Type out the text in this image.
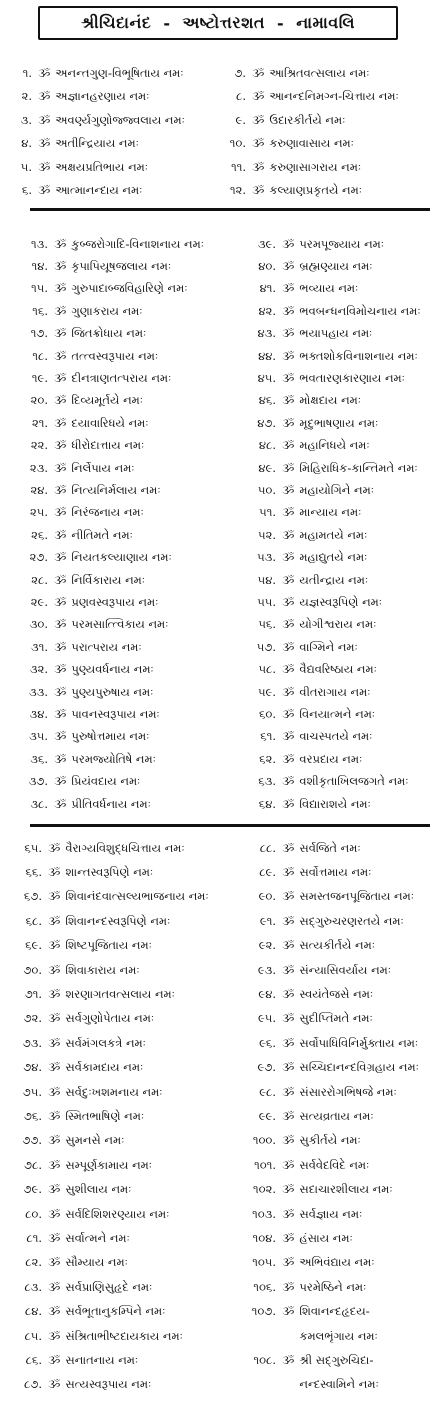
શ્રીચિદાનંદ - અષ્ટોત્તરશત - નામાવલિ
૧. ૐ અનન્તગુણ-વિભૂષિતાય નમઃ	૭. ૐ આશ્રિતવત્સલાય નમઃ
૨. ૐ અજ્ઞાનહરણાય નમઃ	૮. ૐ આનન્દનિમગ્ન-ચિત્તાય નમઃ
૩. ૐ અવર્ણ્યગુણોજ્જ્વલાય નમઃ	૯. ૐ ઉદારકીર્તયે નમઃ
૪. ૐ અતીન્દ્રિયાય નમઃ	૧૦. ૐ કરુણાવાસાય નમઃ
૫. ૐ અક્ષયપ્રતિભાય નમઃ	૧૧. ૐ કરુણાસાગરાય નમઃ
૬. ૐ આત્માનન્દાય નમઃ	૧૨. ૐ કલ્યાણપ્રકૃતયે નમઃ
૧૩. ૐ કુબ્જરોગાદિ-વિનાશનાય નમઃ	૩૯. ૐ પરમપૂજ્યાય નમઃ
૧૪. ૐ કૃપાપિયૂષજલાય નમઃ	૪૦. ૐ બ્રહ્મણ્યાય નમઃ
૧૫. ૐ ગુરુપાદાબ્જવિહારિણે નમઃ	૪૧. ૐ ભવ્યાય નમઃ
૧૬. ૐ ગુણાકરાય નમઃ	૪૨. ૐ ભવબન્ધનવિમોચનાય નમઃ
૧૭. ૐ જિતક્રોધાય નમઃ	૪૩. ૐ ભયાપહાય નમઃ
૧૮. ૐ તત્ત્વસ્વરૂપાય નમઃ	૪૪. ૐ ભક્તશોકવિનાશનાય નમઃ
૧૯. ૐ દીનત્રાણતત્પરાય નમઃ	૪૫. ૐ ભવતારણકારણાય નમઃ
૨૦. ૐ દિવ્યમૂર્તયે નમઃ	૪૬. ૐ મોક્ષદાય નમઃ
૨૧. ૐ દયાવારિધયે નમઃ	૪૭. ૐ મૃદુભાષણાય નમઃ
૨૨. ૐ ધીરોદાત્તાય નમઃ	૪૮. ૐ મહાનિધયે નમઃ
૨૩. ૐ નિર્લેપાય નમઃ	૪૯. ૐ મિહિરાધિક-કાન્તિમતે નમઃ
૨૪. ૐ નિત્યનિર્મલાય નમઃ	૫૦. ૐ મહાયોગિને નમઃ
૨૫. ૐ નિરંજનાય નમઃ	૫૧. ૐ માન્યાય નમઃ
૨૬. ૐ નીતિમતે નમઃ	૫૨. ૐ મહામતયે નમઃ
૨૭. ૐ નિયતકલ્યાણાય નમઃ	૫૩. ૐ મહાદ્યુતયે નમઃ
૨૮. ૐ નિર્વિકારાય નમઃ	૫૪. ૐ યતીન્દ્રાય નમઃ
૨૯. ૐ પ્રણવસ્વરૂપાય નમઃ	૫૫. ૐ યજ્ઞસ્વરૂપિણે નમઃ
૩૦. ૐ પરમસાત્ત્વિકાય નમઃ	૫૬. ૐ યોગીશ્વરાય નમઃ
૩૧. ૐ પરાત્પરાય નમઃ	૫૭. ૐ વાગ્મિને નમઃ
૩૨. ૐ પુણ્યવર્ધનાય નમઃ	૫૮. ૐ વૈદ્યવરિષ્ઠાય નમઃ
૩૩. ૐ પુણ્યપુરુષાય નમઃ	૫૯. ૐ વીતરાગાય નમઃ
૩૪. ૐ પાવનસ્વરૂપાય નમઃ	૬૦. ૐ વિનયાત્મને નમઃ
૩૫. ૐ પુરુષોત્તમાય નમઃ	૬૧. ૐ વાચસ્પતયે નમઃ
૩૬. ૐ પરમજ્યોતિષે નમઃ	૬૨. ૐ વરપ્રદાય નમઃ
૩૭. ૐ પ્રિયંવદાય નમઃ	૬૩. ૐ વશીકૃતાખિલજગતે નમઃ
૩૮. ૐ પ્રીતિવર્ધનાય નમઃ	૬૪. ૐ વિદ્યારાશયે નમઃ
૬૫. ૐ વૈરાગ્યવિશુદ્ધચિત્તાય નમઃ	૮૮. ૐ સર્વજિતે નમઃ
૬૬. ૐ શાન્તસ્વરૂપિણે નમઃ	૮૯. ૐ સર્વોત્તમાય નમઃ
૬૭. ૐ શિવાનંદવાત્સલ્યભાજનાય નમઃ	૯૦. ૐ સમસ્તજનપૂજિતાય નમઃ
૬૮. ૐ શિવાનન્દસ્વરૂપિણે નમઃ	૯૧. ૐ સદ્ગુરુચરણરતયે નમઃ
૬૯. ૐ શિષ્ટપૂજિતાય નમઃ	૯૨. ૐ સત્યકીર્તયે નમઃ
૭૦. ૐ શિવાકારાય નમઃ	૯૩. ૐ સંન્યાસિવર્યાય નમઃ
૭૧. ૐ શરણાગતવત્સલાય નમઃ	૯૪. ૐ સ્વયંતેજસે નમઃ
૭૨. ૐ સર્વગુણોપેતાય નમઃ	૯૫. ૐ સુદીપ્તિમતે નમઃ
૭૩. ૐ સર્વમંગલકત્રે નમઃ	૯૬. ૐ સર્વોપાધિવિનિર્મુક્તાય નમઃ
૭૪. ૐ સર્વકામદાય નમઃ	૯૭. ૐ સચ્ચિદાનન્દવિગ્રહાય નમઃ
૭૫. ૐ સર્વદુઃખશમનાય નમઃ	૯૮. ૐ સંસારરોગભિષજે નમઃ
૭૬. ૐ સ્મિતભાષિણે નમઃ	૯૯. ૐ સત્યવ્રતાય નમઃ
૭૭. ૐ સુમનસે નમઃ	૧૦૦. ૐ સુકીર્તયે નમઃ
૭૮. ૐ સમ્પૂર્ણકામાય નમઃ	૧૦૧. ૐ સર્વવેદવિદે નમઃ
૭૯. ૐ સુશીલાય નમઃ	૧૦૨. ૐ સદાચારશીલાય નમઃ
૮૦. ૐ સર્વદિશિશરણ્યાય નમઃ	૧૦૩. ૐ સર્વજ્ઞાય નમઃ
૮૧. ૐ સર્વાત્મને નમઃ	૧૦૪. ૐ હંસાય નમઃ
૮૨. ૐ સૌમ્યાય નમઃ	૧૦૫. ૐ અભિવંદ્યાય નમઃ
૮૩. ૐ સર્વપ્રાણિસુહૃદે નમઃ	૧૦૬. ૐ પરમેષ્ઠિને નમઃ
૮૪. ૐ સર્વભૂતાનુકમ્પિને નમઃ	૧૦૭. ૐ શિવાનન્દહૃદય-
૮૫. ૐ સંશ્રિતાભીષ્ટદાયકાય નમઃ	કમલભૃંગાય નમઃ
૮૬. ૐ સનાતનાય નમઃ	૧૦૮. ૐ શ્રી સદ્ગુરુચિદા-
૮૭. ૐ સત્યસ્વરૂપાય નમઃ	નન્દસ્વામિને નમઃ
